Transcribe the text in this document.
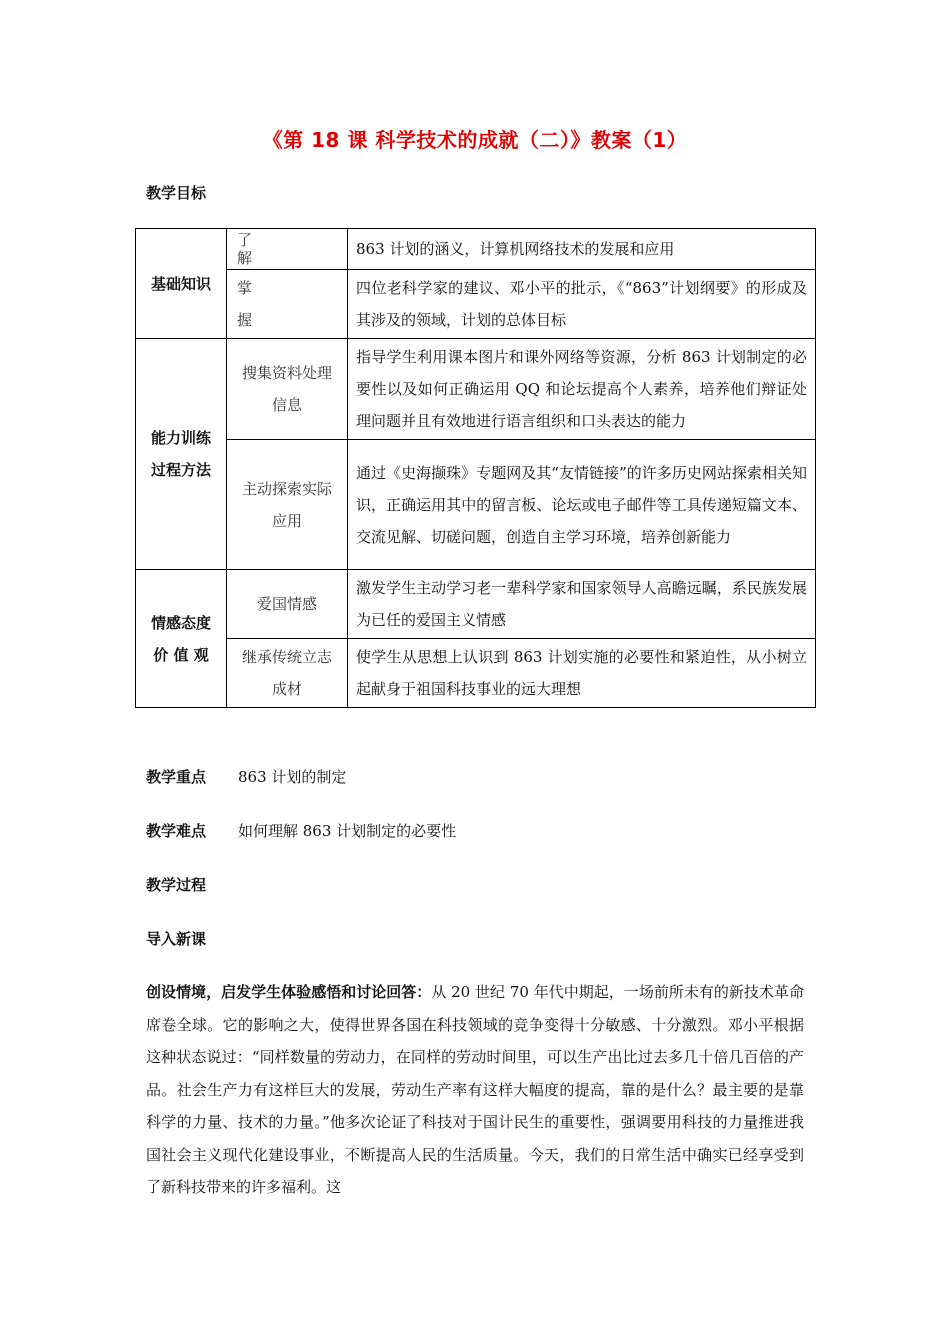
《第 18 课 科学技术的成就（二）》教案（1）
教学目标
基础知识	了
解	863 计划的涵义，计算机网络技术的发展和应用
	掌
握	四位老科学家的建议、邓小平的批示，《“863”计划纲要》的形成及其涉及的领域，计划的总体目标
能力训练过程方法	搜集资料处理信息	指导学生利用课本图片和课外网络等资源，分析 863 计划制定的必要性以及如何正确运用 QQ 和论坛提高个人素养，培养他们辩证处理问题并且有效地进行语言组织和口头表达的能力
	主动探索实际应用	通过《史海撷珠》专题网及其“友情链接”的许多历史网站探索相关知识，正确运用其中的留言板、论坛或电子邮件等工具传递短篇文本、交流见解、切磋问题，创造自主学习环境，培养创新能力
情感态度
价 值 观	爱国情感	激发学生主动学习老一辈科学家和国家领导人高瞻远瞩，系民族发展为已任的爱国主义情感
	继承传统立志成材	使学生从思想上认识到 863 计划实施的必要性和紧迫性，从小树立起献身于祖国科技事业的远大理想
教学重点 863 计划的制定
教学难点 如何理解 863 计划制定的必要性
教学过程
导入新课
创设情境，启发学生体验感悟和讨论回答：从 20 世纪 70 年代中期起，一场前所未有的新技术革命席卷全球。它的影响之大，使得世界各国在科技领域的竞争变得十分敏感、十分激烈。邓小平根据这种状态说过：“同样数量的劳动力，在同样的劳动时间里，可以生产出比过去多几十倍几百倍的产品。社会生产力有这样巨大的发展，劳动生产率有这样大幅度的提高，靠的是什么？最主要的是靠科学的力量、技术的力量。”他多次论证了科技对于国计民生的重要性，强调要用科技的力量推进我国社会主义现代化建设事业，不断提高人民的生活质量。今天，我们的日常生活中确实已经享受到了新科技带来的许多福利。这
